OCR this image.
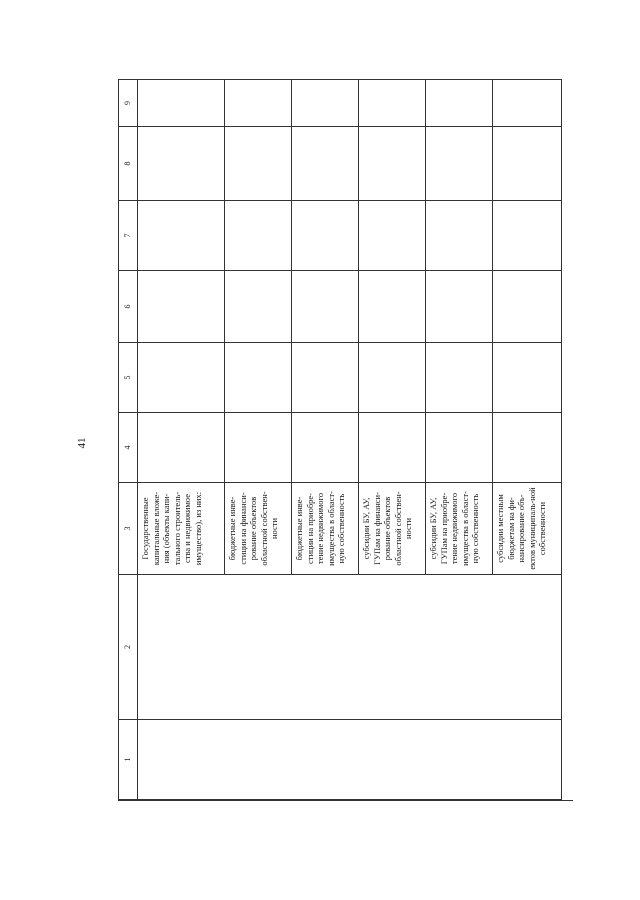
41
1	2	3	4	5	6	7	8	9
		Государственные капитальные вложе-ния (объекты капи-тального строитель-ства и недвижимое имущество), из них:						
		бюджетные инве-стиции на финанси-рование объектов областной собствен-ности						
		бюджетные инве-стиции на приобре-тение недвижимого имущества в област-ную собственность						
		субсидии БУ, АУ, ГУПам на финанси-рование объектов областной собствен-ности						
		субсидии БУ, АУ, ГУПам на приобре-тение недвижимого имущества в област-ную собственность						
		субсидии местным бюджетам на фи-нансирование объ-ектов муниципаль-ной собственности						
